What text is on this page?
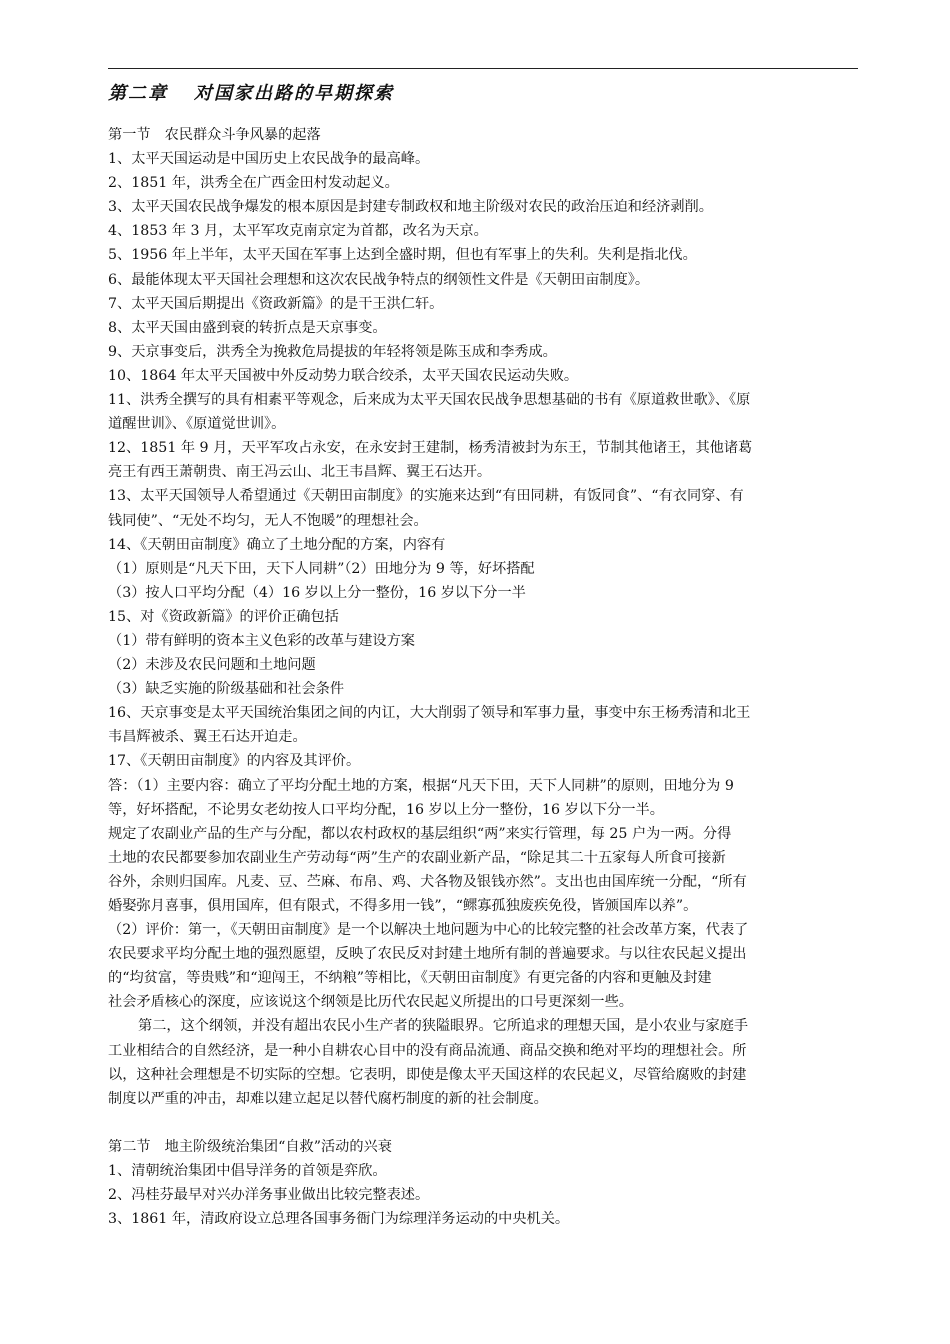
第二章 对国家出路的早期探索

第一节 农民群众斗争风暴的起落

1、太平天国运动是中国历史上农民战争的最高峰。

2、1851 年，洪秀全在广西金田村发动起义。

3、太平天国农民战争爆发的根本原因是封建专制政权和地主阶级对农民的政治压迫和经济剥削。

4、1853 年 3 月，太平军攻克南京定为首都，改名为天京。

5、1956 年上半年，太平天国在军事上达到全盛时期，但也有军事上的失利。失利是指北伐。

6、最能体现太平天国社会理想和这次农民战争特点的纲领性文件是《天朝田亩制度》。

7、太平天国后期提出《资政新篇》的是干王洪仁轩。

8、太平天国由盛到衰的转折点是天京事变。

9、天京事变后，洪秀全为挽救危局提拔的年轻将领是陈玉成和李秀成。

10、1864 年太平天国被中外反动势力联合绞杀，太平天国农民运动失败。

11、洪秀全撰写的具有相素平等观念，后来成为太平天国农民战争思想基础的书有《原道救世歌》、《原

道醒世训》、《原道觉世训》。

12、1851 年 9 月，天平军攻占永安，在永安封王建制，杨秀清被封为东王，节制其他诸王，其他诸葛

亮王有西王萧朝贵、南王冯云山、北王韦昌辉、翼王石达开。

13、太平天国领导人希望通过《天朝田亩制度》的实施来达到“有田同耕，有饭同食”、“有衣同穿、有

钱同使”、“无处不均匀，无人不饱暖”的理想社会。

14、《天朝田亩制度》确立了土地分配的方案，内容有

（1）原则是“凡天下田，天下人同耕”（2）田地分为 9 等，好坏搭配

（3）按人口平均分配（4）16 岁以上分一整份，16 岁以下分一半

15、对《资政新篇》的评价正确包括

（1）带有鲜明的资本主义色彩的改革与建设方案

（2）未涉及农民问题和土地问题

（3）缺乏实施的阶级基础和社会条件

16、天京事变是太平天国统治集团之间的内讧，大大削弱了领导和军事力量，事变中东王杨秀清和北王

韦昌辉被杀、翼王石达开迫走。

17、《天朝田亩制度》的内容及其评价。

答：（1）主要内容：确立了平均分配土地的方案，根据“凡天下田，天下人同耕”的原则，田地分为 9

等，好坏搭配，不论男女老幼按人口平均分配，16 岁以上分一整份，16 岁以下分一半。

规定了农副业产品的生产与分配，都以农村政权的基层组织“两”来实行管理，每 25 户为一两。分得

土地的农民都要参加农副业生产劳动每“两”生产的农副业新产品，“除足其二十五家每人所食可接新

谷外，余则归国库。凡麦、豆、苎麻、布帛、鸡、犬各物及银钱亦然”。支出也由国库统一分配，“所有

婚娶弥月喜事，俱用国库，但有限式，不得多用一钱”，“鳏寡孤独废疾免役，皆颁国库以养”。

（2）评价：第一，《天朝田亩制度》是一个以解决土地问题为中心的比较完整的社会改革方案，代表了

农民要求平均分配土地的强烈愿望，反映了农民反对封建土地所有制的普遍要求。与以往农民起义提出

的“均贫富，等贵贱”和“迎闯王，不纳粮”等相比，《天朝田亩制度》有更完备的内容和更触及封建

社会矛盾核心的深度，应该说这个纲领是比历代农民起义所提出的口号更深刻一些。

第二，这个纲领，并没有超出农民小生产者的狭隘眼界。它所追求的理想天国，是小农业与家庭手

工业相结合的自然经济，是一种小自耕农心目中的没有商品流通、商品交换和绝对平均的理想社会。所

以，这种社会理想是不切实际的空想。它表明，即使是像太平天国这样的农民起义，尽管给腐败的封建

制度以严重的冲击，却难以建立起足以替代腐朽制度的新的社会制度。

第二节 地主阶级统治集团“自救”活动的兴衰

1、清朝统治集团中倡导洋务的首领是弈欣。

2、冯桂芬最早对兴办洋务事业做出比较完整表述。

3、1861 年，清政府设立总理各国事务衙门为综理洋务运动的中央机关。
